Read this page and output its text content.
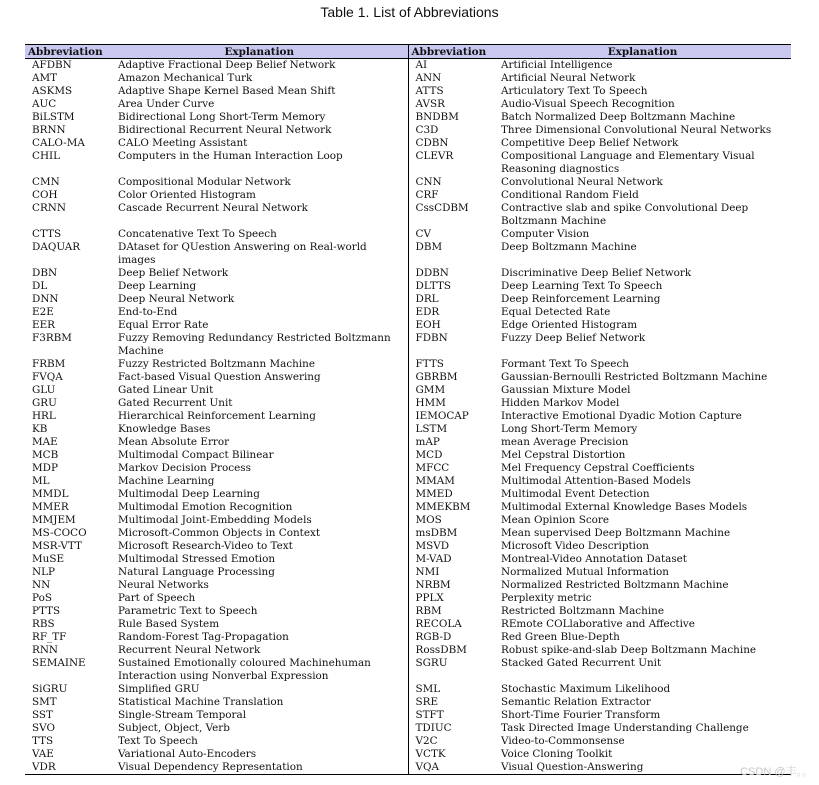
Table 1. List of Abbreviations
Abbreviation	Explanation	Abbreviation	Explanation
AFDBN	Adaptive Fractional Deep Belief Network	AI	Artificial Intelligence
AMT	Amazon Mechanical Turk	ANN	Artificial Neural Network
ASKMS	Adaptive Shape Kernel Based Mean Shift	ATTS	Articulatory Text To Speech
AUC	Area Under Curve	AVSR	Audio-Visual Speech Recognition
BiLSTM	Bidirectional Long Short-Term Memory	BNDBM	Batch Normalized Deep Boltzmann Machine
BRNN	Bidirectional Recurrent Neural Network	C3D	Three Dimensional Convolutional Neural Networks
CALO-MA	CALO Meeting Assistant	CDBN	Competitive Deep Belief Network
CHIL	Computers in the Human Interaction Loop	CLEVR	Compositional Language and Elementary Visual Reasoning diagnostics
CMN	Compositional Modular Network	CNN	Convolutional Neural Network
COH	Color Oriented Histogram	CRF	Conditional Random Field
CRNN	Cascade Recurrent Neural Network	CssCDBM	Contractive slab and spike Convolutional Deep Boltzmann Machine
CTTS	Concatenative Text To Speech	CV	Computer Vision
DAQUAR	DAtaset for QUestion Answering on Real-world images	DBM	Deep Boltzmann Machine
DBN	Deep Belief Network	DDBN	Discriminative Deep Belief Network
DL	Deep Learning	DLTTS	Deep Learning Text To Speech
DNN	Deep Neural Network	DRL	Deep Reinforcement Learning
E2E	End-to-End	EDR	Equal Detected Rate
EER	Equal Error Rate	EOH	Edge Oriented Histogram
F3RBM	Fuzzy Removing Redundancy Restricted Boltzmann Machine	FDBN	Fuzzy Deep Belief Network
FRBM	Fuzzy Restricted Boltzmann Machine	FTTS	Formant Text To Speech
FVQA	Fact-based Visual Question Answering	GBRBM	Gaussian-Bernoulli Restricted Boltzmann Machine
GLU	Gated Linear Unit	GMM	Gaussian Mixture Model
GRU	Gated Recurrent Unit	HMM	Hidden Markov Model
HRL	Hierarchical Reinforcement Learning	IEMOCAP	Interactive Emotional Dyadic Motion Capture
KB	Knowledge Bases	LSTM	Long Short-Term Memory
MAE	Mean Absolute Error	mAP	mean Average Precision
MCB	Multimodal Compact Bilinear	MCD	Mel Cepstral Distortion
MDP	Markov Decision Process	MFCC	Mel Frequency Cepstral Coefficients
ML	Machine Learning	MMAM	Multimodal Attention-Based Models
MMDL	Multimodal Deep Learning	MMED	Multimodal Event Detection
MMER	Multimodal Emotion Recognition	MMEKBM	Multimodal External Knowledge Bases Models
MMJEM	Multimodal Joint-Embedding Models	MOS	Mean Opinion Score
MS-COCO	Microsoft-Common Objects in Context	msDBM	Mean supervised Deep Boltzmann Machine
MSR-VTT	Microsoft Research-Video to Text	MSVD	Microsoft Video Description
MuSE	Multimodal Stressed Emotion	M-VAD	Montreal-Video Annotation Dataset
NLP	Natural Language Processing	NMI	Normalized Mutual Information
NN	Neural Networks	NRBM	Normalized Restricted Boltzmann Machine
PoS	Part of Speech	PPLX	Perplexity metric
PTTS	Parametric Text to Speech	RBM	Restricted Boltzmann Machine
RBS	Rule Based System	RECOLA	REmote COLlaborative and Affective
RF_TF	Random-Forest Tag-Propagation	RGB-D	Red Green Blue-Depth
RNN	Recurrent Neural Network	RossDBM	Robust spike-and-slab Deep Boltzmann Machine
SEMAINE	Sustained Emotionally coloured Machinehuman Interaction using Nonverbal Expression	SGRU	Stacked Gated Recurrent Unit
SiGRU	Simplified GRU	SML	Stochastic Maximum Likelihood
SMT	Statistical Machine Translation	SRE	Semantic Relation Extractor
SST	Single-Stream Temporal	STFT	Short-Time Fourier Transform
SVO	Subject, Object, Verb	TDIUC	Task Directed Image Understanding Challenge
TTS	Text To Speech	V2C	Video-to-Commonsense
VAE	Variational Auto-Encoders	VCTK	Voice Cloning Toolkit
VDR	Visual Dependency Representation	VQA	Visual Question-Answering	CSDN @丰。。
